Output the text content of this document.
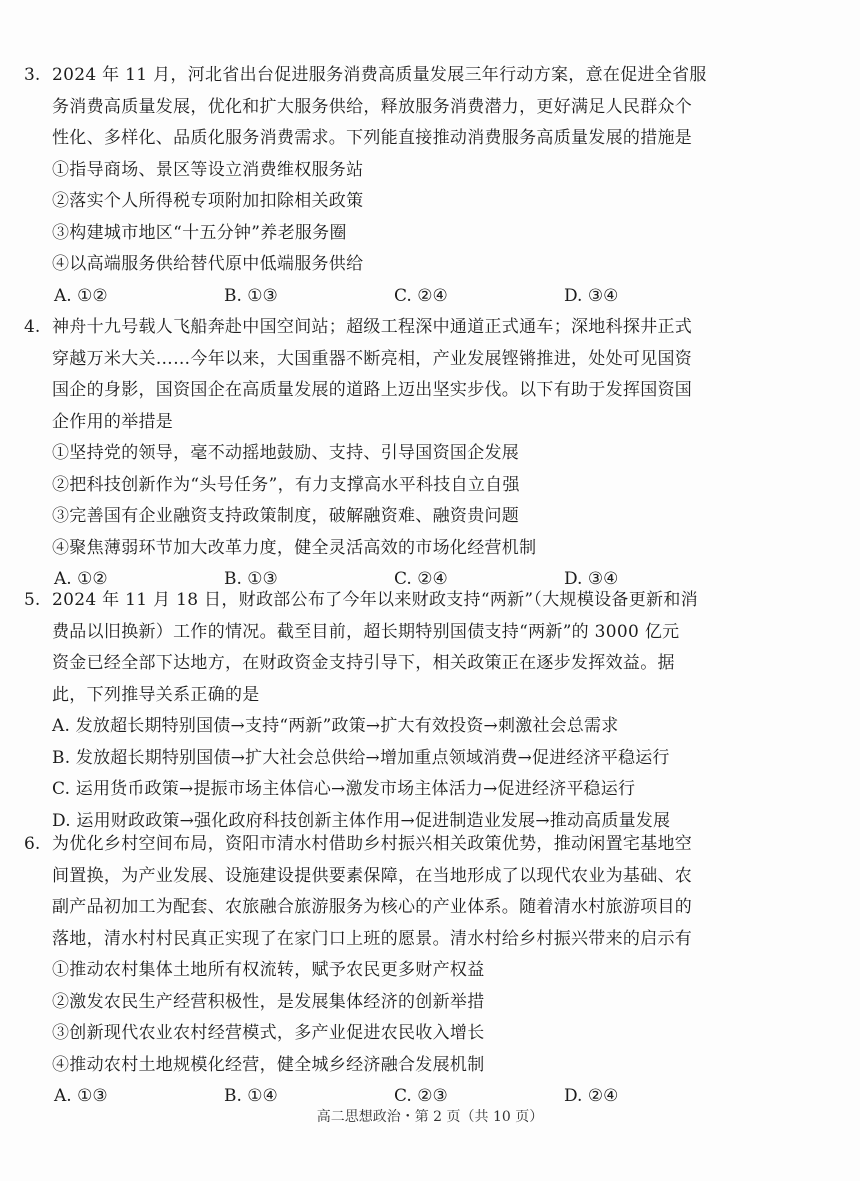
3. 2024 年 11 月，河北省出台促进服务消费高质量发展三年行动方案，意在促进全省服
务消费高质量发展，优化和扩大服务供给，释放服务消费潜力，更好满足人民群众个
性化、多样化、品质化服务消费需求。下列能直接推动消费服务高质量发展的措施是
①指导商场、景区等设立消费维权服务站
②落实个人所得税专项附加扣除相关政策
③构建城市地区“十五分钟”养老服务圈
④以高端服务供给替代原中低端服务供给
A. ①②	B. ①③	C. ②④	D. ③④
4. 神舟十九号载人飞船奔赴中国空间站；超级工程深中通道正式通车；深地科探井正式
穿越万米大关……今年以来，大国重器不断亮相，产业发展铿锵推进，处处可见国资
国企的身影，国资国企在高质量发展的道路上迈出坚实步伐。以下有助于发挥国资国
企作用的举措是
①坚持党的领导，毫不动摇地鼓励、支持、引导国资国企发展
②把科技创新作为“头号任务”，有力支撑高水平科技自立自强
③完善国有企业融资支持政策制度，破解融资难、融资贵问题
④聚焦薄弱环节加大改革力度，健全灵活高效的市场化经营机制
A. ①②	B. ①③	C. ②④	D. ③④
5. 2024 年 11 月 18 日，财政部公布了今年以来财政支持“两新”（大规模设备更新和消
费品以旧换新）工作的情况。截至目前，超长期特别国债支持“两新”的 3000 亿元
资金已经全部下达地方，在财政资金支持引导下，相关政策正在逐步发挥效益。据
此，下列推导关系正确的是
A. 发放超长期特别国债→支持“两新”政策→扩大有效投资→刺激社会总需求
B. 发放超长期特别国债→扩大社会总供给→增加重点领域消费→促进经济平稳运行
C. 运用货币政策→提振市场主体信心→激发市场主体活力→促进经济平稳运行
D. 运用财政政策→强化政府科技创新主体作用→促进制造业发展→推动高质量发展
6. 为优化乡村空间布局，资阳市清水村借助乡村振兴相关政策优势，推动闲置宅基地空
间置换，为产业发展、设施建设提供要素保障，在当地形成了以现代农业为基础、农
副产品初加工为配套、农旅融合旅游服务为核心的产业体系。随着清水村旅游项目的
落地，清水村村民真正实现了在家门口上班的愿景。清水村给乡村振兴带来的启示有
①推动农村集体土地所有权流转，赋予农民更多财产权益
②激发农民生产经营积极性，是发展集体经济的创新举措
③创新现代农业农村经营模式，多产业促进农民收入增长
④推动农村土地规模化经营，健全城乡经济融合发展机制
A. ①③	B. ①④	C. ②③	D. ②④
高二思想政治・第 2 页（共 10 页）
